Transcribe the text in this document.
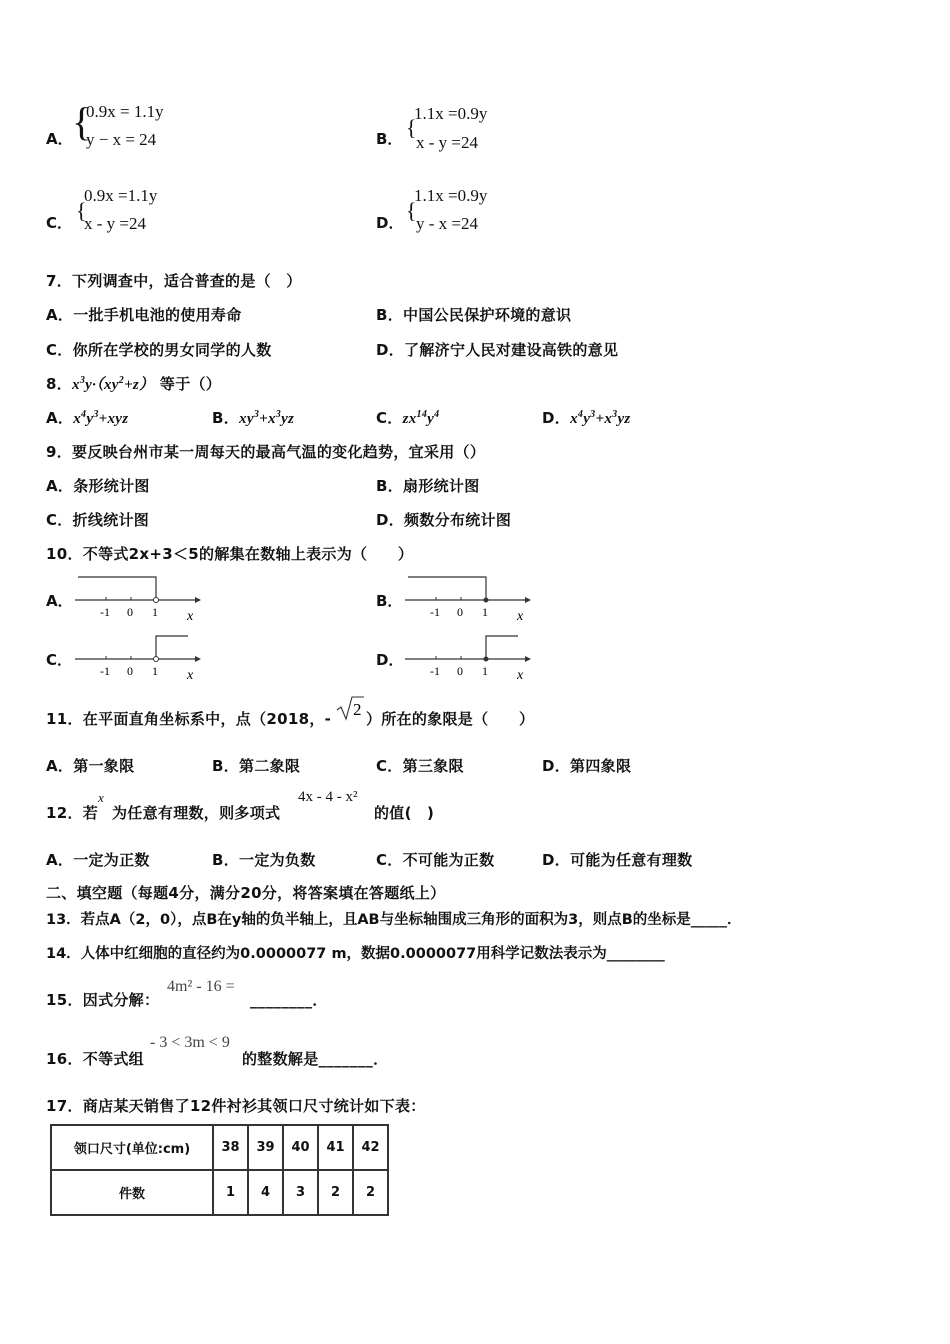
A． {
0.9x = 1.1y
y − x = 24	B． {
1.1x =0.9y
x - y =24
C． {
0.9x =1.1y
x - y =24	D． {
1.1x =0.9y
y - x =24
7．下列调查中，适合普查的是（　）
A．一批手机电池的使用寿命	B．中国公民保护环境的意识
C．你所在学校的男女同学的人数	D．了解济宁人民对建设高铁的意见
8．$x^3y\cdot(xy^2+z)$ 等于（）
A．$x^4y^3+xyz$	B．$xy^3+x^3yz$	C．$zx^{14}y^4$	D．$x^4y^3+x^3yz$
9．要反映台州市某一周每天的最高气温的变化趋势，宜采用（）
A．条形统计图	B．扇形统计图
C．折线统计图	D．频数分布统计图
10．不等式2x+3＜5的解集在数轴上表示为（　　）
A．
-1 0 1 x
B．
-1 0 1 x
C．
-1 0 1 x
D．
-1 0 1 x
11．在平面直角坐标系中，点（2018，- 2 ）所在的象限是（　　）
A．第一象限	B．第二象限	C．第三象限	D．第四象限
12．若
x
为任意有理数，则多项式
4x - 4 - x²
的值(　)
A．一定为正数	B．一定为负数	C．不可能为正数	D．可能为任意有理数
二、填空题（每题4分，满分20分，将答案填在答题纸上）
13．若点A（2，0），点B在y轴的负半轴上，且AB与坐标轴围成三角形的面积为3，则点B的坐标是_____．
14．人体中红细胞的直径约为0.0000077 m，数据0.0000077用科学记数法表示为________
15．因式分解：
4m² - 16 =
________．
16．不等式组
- 3 < 3m < 9
的整数解是_______．
17．商店某天销售了12件衬衫其领口尺寸统计如下表：
领口尺寸(单位:cm)	38	39	40	41	42
件数	1	4	3	2	2
